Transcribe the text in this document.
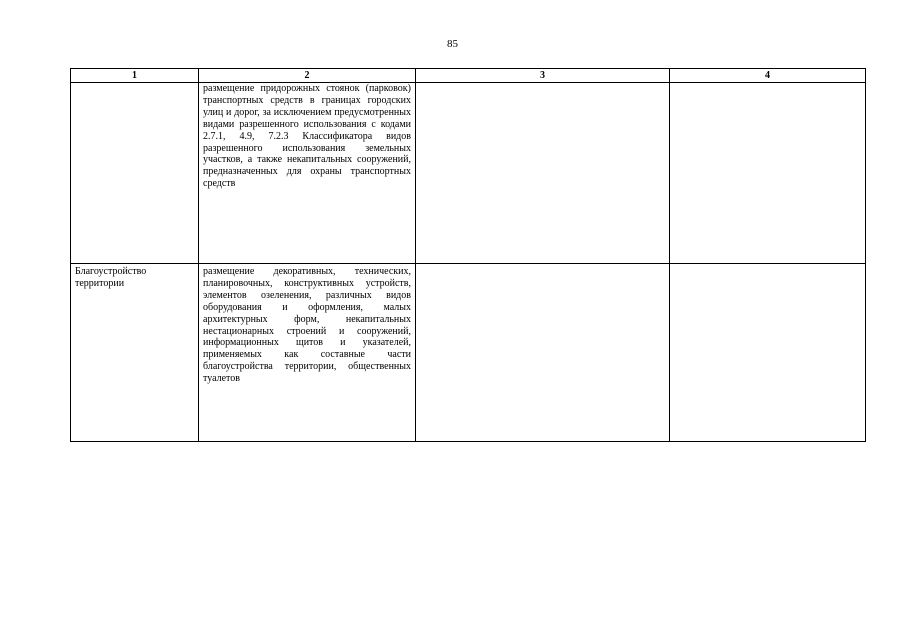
85
1	2	3	4

	размещение придорожных стоянок (парковок) транспортных средств в границах городских улиц и дорог, за исключением предусмотренных видами разрешенного использования с кодами 2.7.1, 4.9, 7.2.3 Классификатора видов разрешенного использования земельных участков, а также некапитальных сооружений, предназначенных для охраны транспортных средств		

Благоустройство территории	размещение декоративных, технических, планировочных, конструктивных устройств, элементов озеленения, различных видов оборудования и оформления, малых архитектурных форм, некапитальных нестационарных строений и сооружений, информационных щитов и указателей, применяемых как составные части благоустройства территории, общественных туалетов		
